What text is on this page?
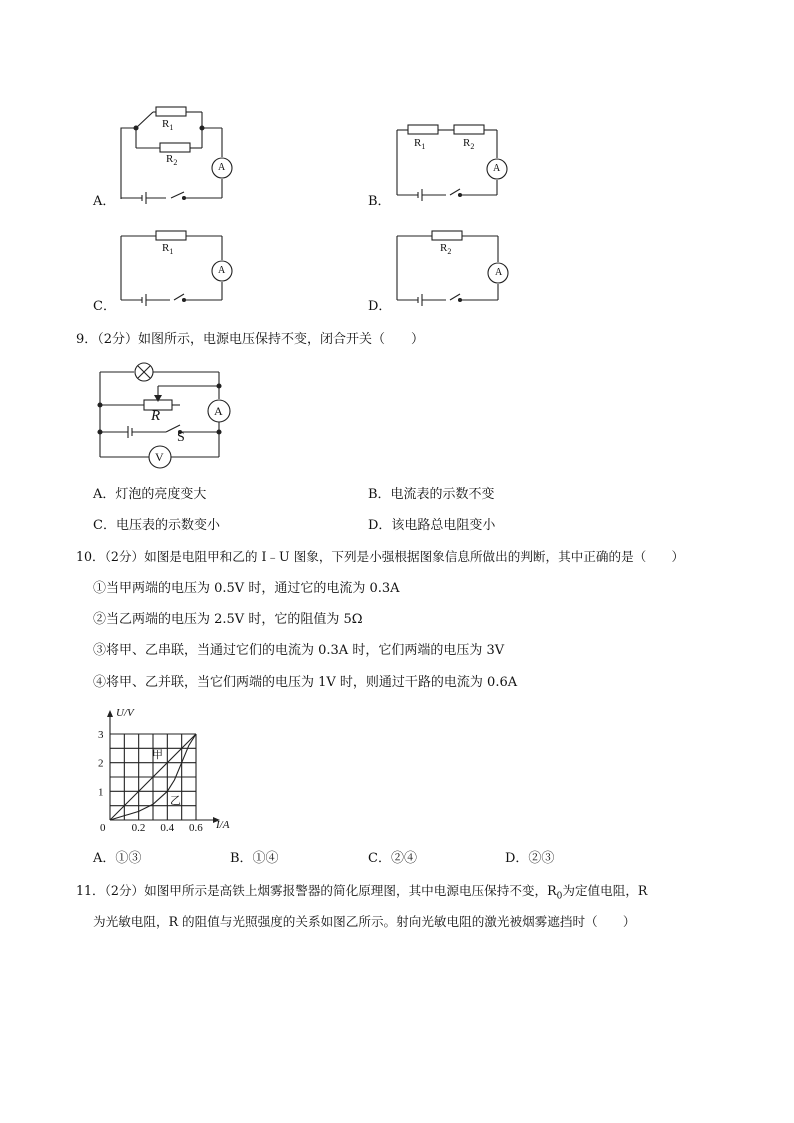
$R_1$
$R_2$	A
A．
$R_1$	$R_2$
A
B．
$R_1$
A
C．
$R_2$
A
D．
9．（2分）如图所示，电源电压保持不变，闭合开关（　　）
R
S
A
V
A．灯泡的亮度变大	B．电流表的示数不变
C．电压表的示数变小	D．该电路总电阻变小
10．（2分）如图是电阻甲和乙的 I﹣U 图象，下列是小强根据图象信息所做出的判断，其中正确的是（　　）
①当甲两端的电压为 0.5V 时，通过它的电流为 0.3A
②当乙两端的电压为 2.5V 时，它的阻值为 5Ω
③将甲、乙串联，当通过它们的电流为 0.3A 时，它们两端的电压为 3V
④将甲、乙并联，当它们两端的电压为 1V 时，则通过干路的电流为 0.6A
0 0.2 0.4 0.6
1
2
3
I/A
U/V
甲
乙
A．①③	B．①④	C．②④	D．②③
11．（2分）如图甲所示是高铁上烟雾报警器的简化原理图，其中电源电压保持不变，$R_0$为定值电阻，R
为光敏电阻，R 的阻值与光照强度的关系如图乙所示。射向光敏电阻的激光被烟雾遮挡时（　　）
